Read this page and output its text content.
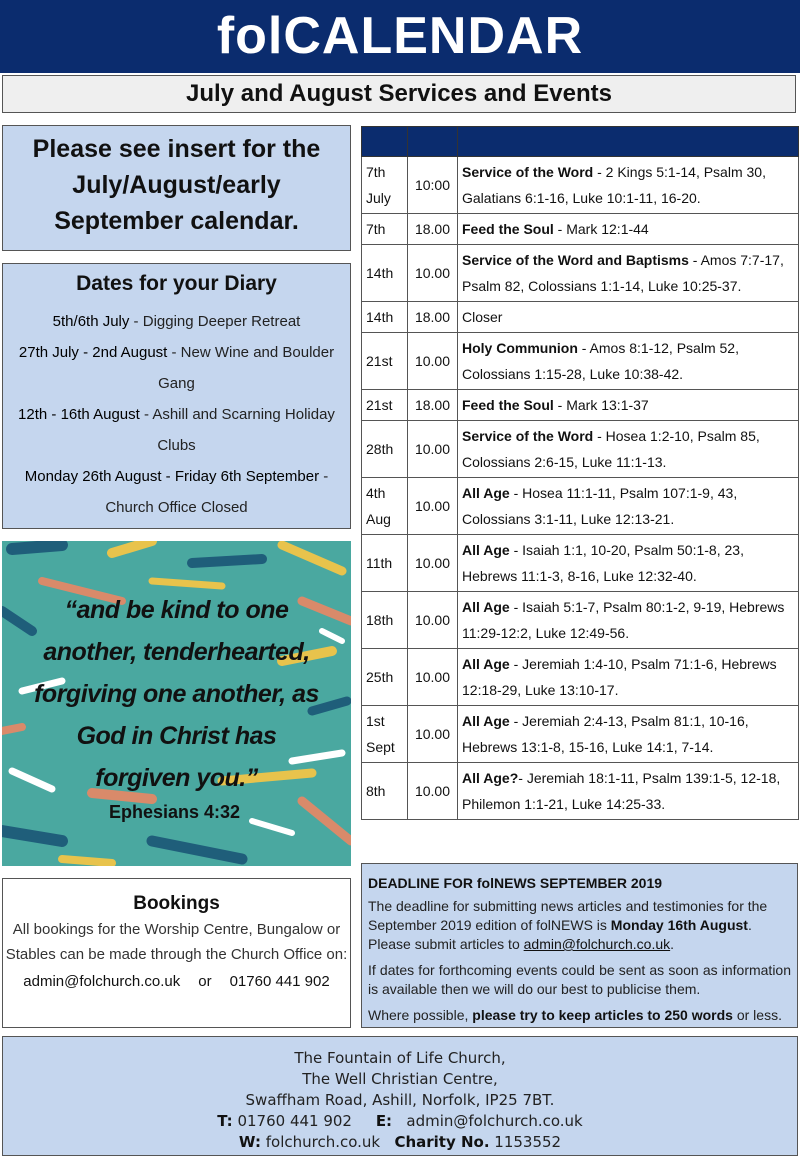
folCALENDAR
July and August Services and Events
Please see insert for the
July/August/early
September calendar.
Dates for your Diary
5th/6th July - Digging Deeper Retreat
27th July - 2nd August - New Wine and Boulder Gang
12th - 16th August - Ashill and Scarning Holiday Clubs
Monday 26th August - Friday 6th September - Church Office Closed
“and be kind to one
another, tenderhearted,
forgiving one another, as
God in Christ has
forgiven you.”
Ephesians 4:32
Bookings
All bookings for the Worship Centre, Bungalow or Stables can be made through the Church Office on:
admin@folchurch.co.uk or 01760 441 902

7th July	10:00	Service of the Word - 2 Kings 5:1-14, Psalm 30, Galatians 6:1-16, Luke 10:1-11, 16-20.
7th	18.00	Feed the Soul - Mark 12:1-44
14th	10.00	Service of the Word and Baptisms - Amos 7:7-17, Psalm 82, Colossians 1:1-14, Luke 10:25-37.
14th	18.00	Closer
21st	10.00	Holy Communion - Amos 8:1-12, Psalm 52, Colossians 1:15-28, Luke 10:38-42.
21st	18.00	Feed the Soul - Mark 13:1-37
28th	10.00	Service of the Word - Hosea 1:2-10, Psalm 85, Colossians 2:6-15, Luke 11:1-13.
4th Aug	10.00	All Age - Hosea 11:1-11, Psalm 107:1-9, 43, Colossians 3:1-11, Luke 12:13-21.
11th	10.00	All Age - Isaiah 1:1, 10-20, Psalm 50:1-8, 23, Hebrews 11:1-3, 8-16, Luke 12:32-40.
18th	10.00	All Age - Isaiah 5:1-7, Psalm 80:1-2, 9-19, Hebrews 11:29-12:2, Luke 12:49-56.
25th	10.00	All Age - Jeremiah 1:4-10, Psalm 71:1-6, Hebrews 12:18-29, Luke 13:10-17.
1st Sept	10.00	All Age - Jeremiah 2:4-13, Psalm 81:1, 10-16, Hebrews 13:1-8, 15-16, Luke 14:1, 7-14.
8th	10.00	All Age?- Jeremiah 18:1-11, Psalm 139:1-5, 12-18, Philemon 1:1-21, Luke 14:25-33.
DEADLINE FOR folNEWS SEPTEMBER 2019

The deadline for submitting news articles and testimonies for the September 2019 edition of folNEWS is Monday 16th August. Please submit articles to admin@folchurch.co.uk.

If dates for forthcoming events could be sent as soon as information is available then we will do our best to publicise them.

Where possible, please try to keep articles to 250 words or less.

The Fountain of Life Church,
The Well Christian Centre,
Swaffham Road, Ashill, Norfolk, IP25 7BT.
T: 01760 441 902 E: admin@folchurch.co.uk
W: folchurch.co.uk Charity No. 1153552
